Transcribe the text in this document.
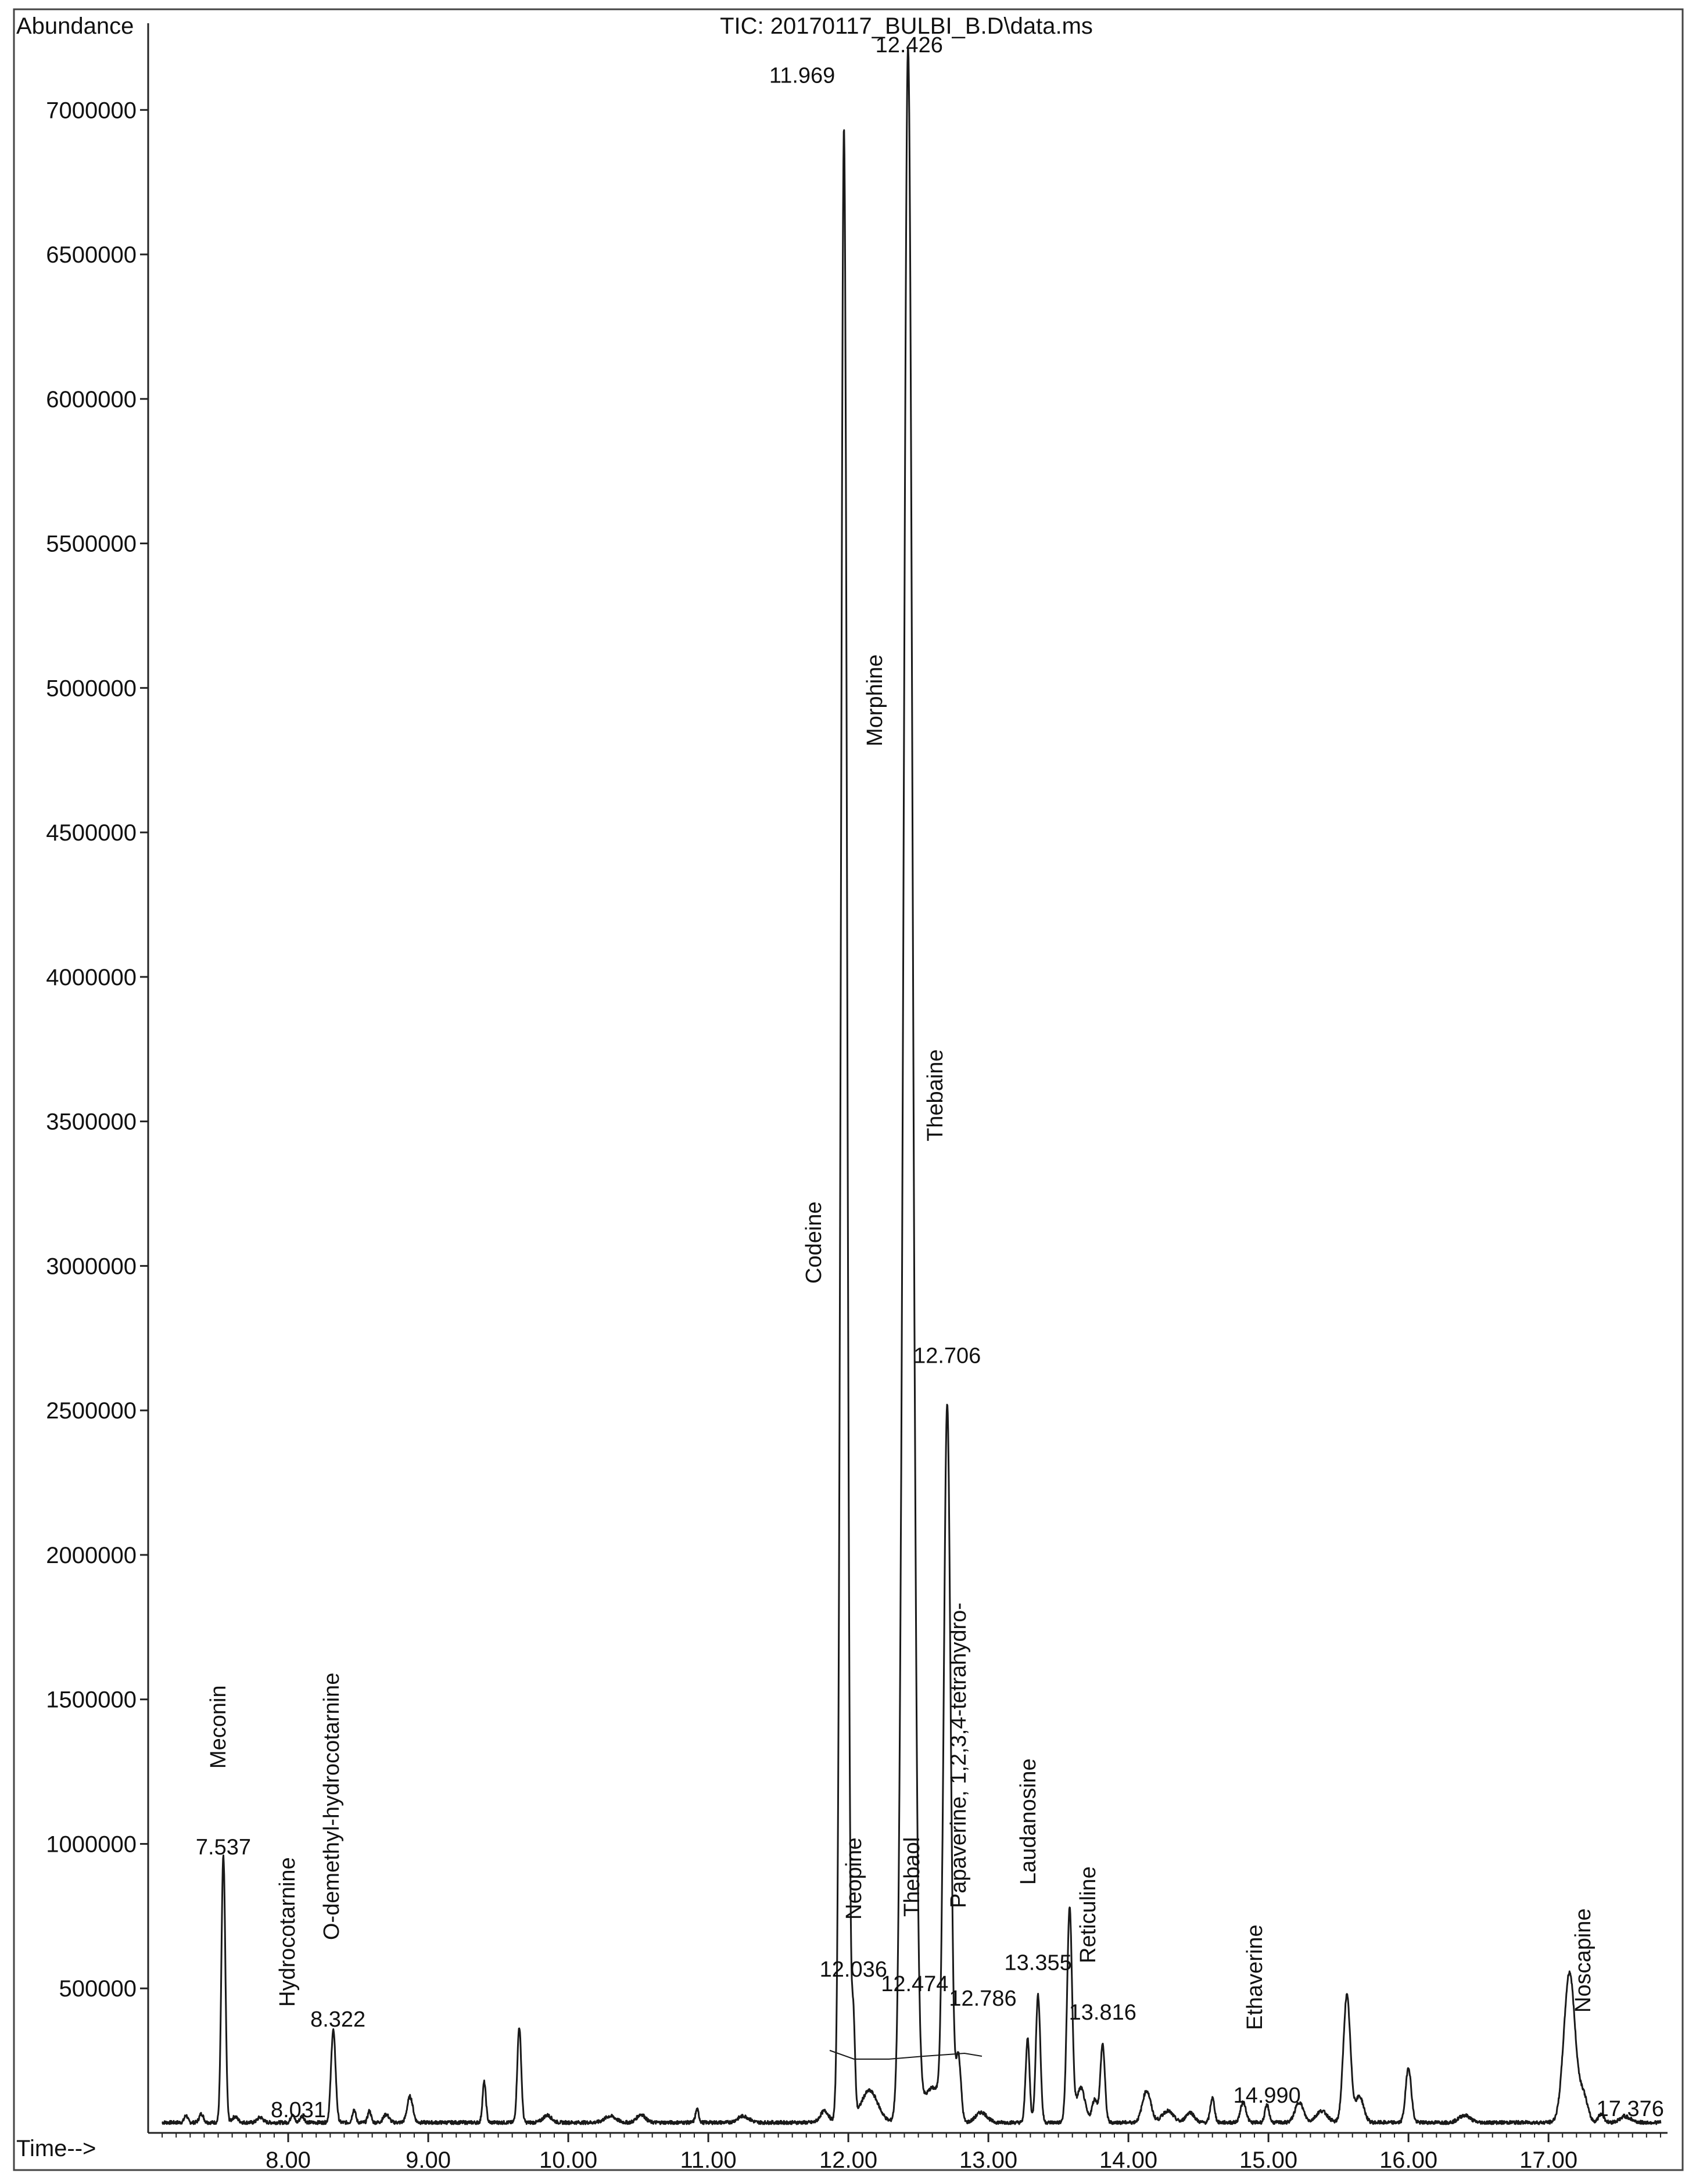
Abundance
Time-->
TIC: 20170117_BULBI_B.D\data.ms
500000
1000000
1500000
2000000
2500000
3000000
3500000
4000000
4500000
5000000
5500000
6000000
6500000
7000000
8.00	9.00	10.00	11.00	12.00	13.00	14.00	15.00	16.00	17.00
7.537
8.031
8.322
11.969
12.036
12.426
12.474
12.706
12.786
13.355
13.816
14.990
17.376
Meconin
Hydrocotarnine O-demethyl-hydrocotarnine
Codeine
Neopine
Morphine
Thebaol
Thebaine
Papaverine, 1,2,3,4-tetrahydro- Laudanosine
Reticuline
Ethaverine	Noscapine
